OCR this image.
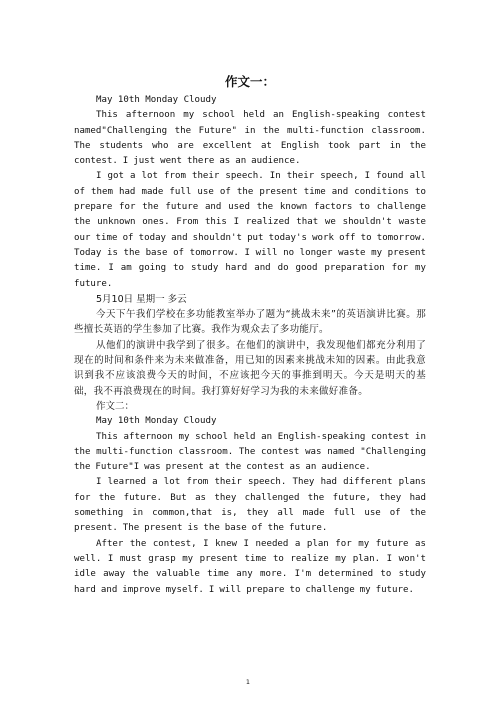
作文一：
May 10th Monday Cloudy

This afternoon my school held an English-speaking contest named"Challenging the Future" in the multi-function classroom. The students who are excellent at English took part in the contest. I just went there as an audience.

I got a lot from their speech. In their speech, I found all of them had made full use of the present time and conditions to prepare for the future and used the known factors to challenge the unknown ones. From this I realized that we shouldn't waste our time of today and shouldn't put today's work off to tomorrow. Today is the base of tomorrow. I will no longer waste my present time. I am going to study hard and do good preparation for my future.

5月10日 星期一 多云

今天下午我们学校在多功能教室举办了题为“挑战未来”的英语演讲比赛。那些擅长英语的学生参加了比赛。我作为观众去了多功能厅。

从他们的演讲中我学到了很多。在他们的演讲中，我发现他们都充分利用了现在的时间和条件来为未来做准备，用已知的因素来挑战未知的因素。由此我意识到我不应该浪费今天的时间，不应该把今天的事推到明天。今天是明天的基础，我不再浪费现在的时间。我打算好好学习为我的未来做好准备。

作文二：
May 10th Monday Cloudy

This afternoon my school held an English-speaking contest in the multi-function classroom. The contest was named "Challenging the Future"I was present at the contest as an audience.

I learned a lot from their speech. They had different plans for the future. But as they challenged the future, they had something in common,that is, they all made full use of the present. The present is the base of the future.

After the contest, I knew I needed a plan for my future as well. I must grasp my present time to realize my plan. I won't idle away the valuable time any more. I'm determined to study hard and improve myself. I will prepare to challenge my future.

1
